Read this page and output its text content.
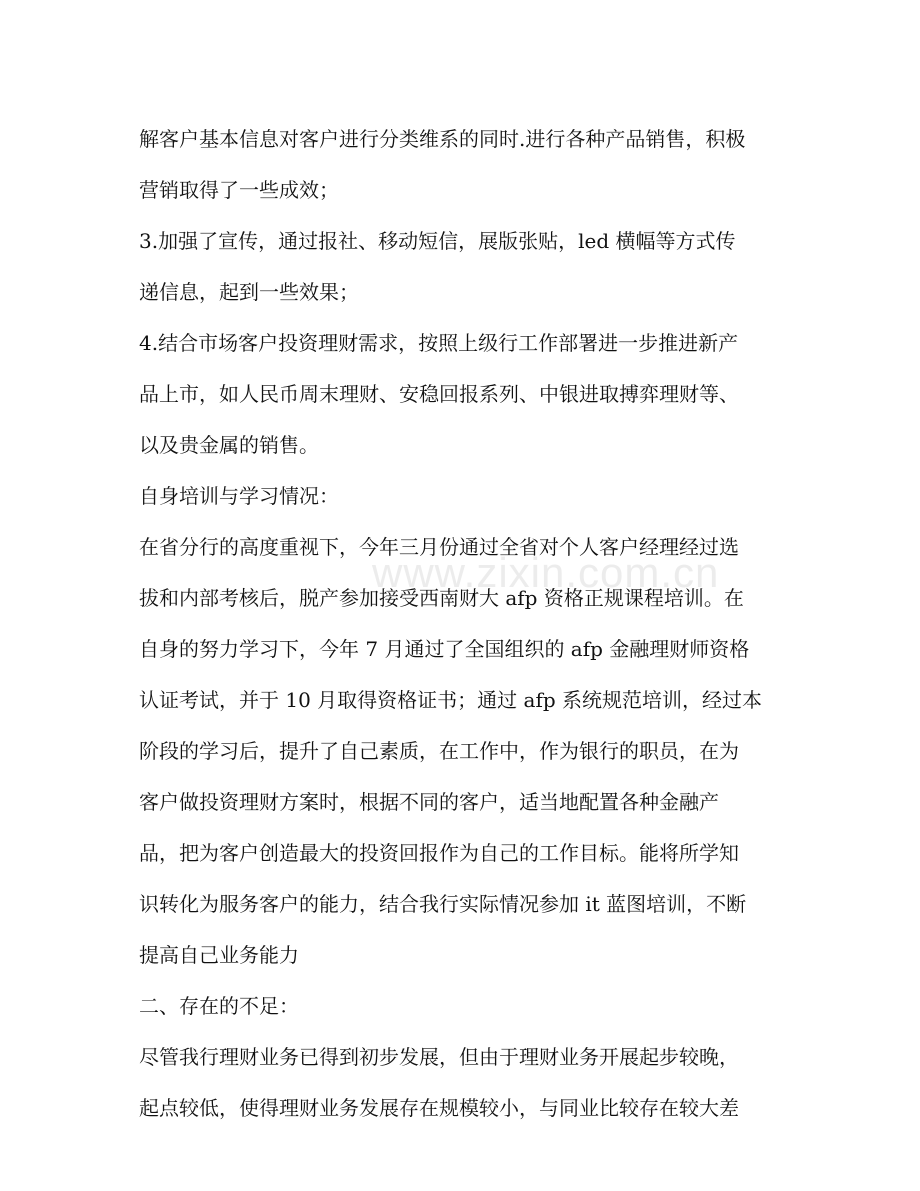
解客户基本信息对客户进行分类维系的同时.进行各种产品销售，积极
营销取得了一些成效；
3.加强了宣传，通过报社、移动短信，展版张贴，led 横幅等方式传
递信息，起到一些效果；
4.结合市场客户投资理财需求，按照上级行工作部署进一步推进新产
品上市，如人民币周末理财、安稳回报系列、中银进取搏弈理财等、
以及贵金属的销售。
自身培训与学习情况：
在省分行的高度重视下，今年三月份通过全省对个人客户经理经过选
拔和内部考核后，脱产参加接受西南财大 afp 资格正规课程培训。在
自身的努力学习下，今年 7 月通过了全国组织的 afp 金融理财师资格
认证考试，并于 10 月取得资格证书；通过 afp 系统规范培训，经过本
阶段的学习后，提升了自己素质，在工作中，作为银行的职员，在为
客户做投资理财方案时，根据不同的客户，适当地配置各种金融产
品，把为客户创造最大的投资回报作为自己的工作目标。能将所学知
识转化为服务客户的能力，结合我行实际情况参加 it 蓝图培训，不断
提高自己业务能力
二、存在的不足：
尽管我行理财业务已得到初步发展，但由于理财业务开展起步较晚，
起点较低，使得理财业务发展存在规模较小，与同业比较存在较大差
www.zixin.com.cn
